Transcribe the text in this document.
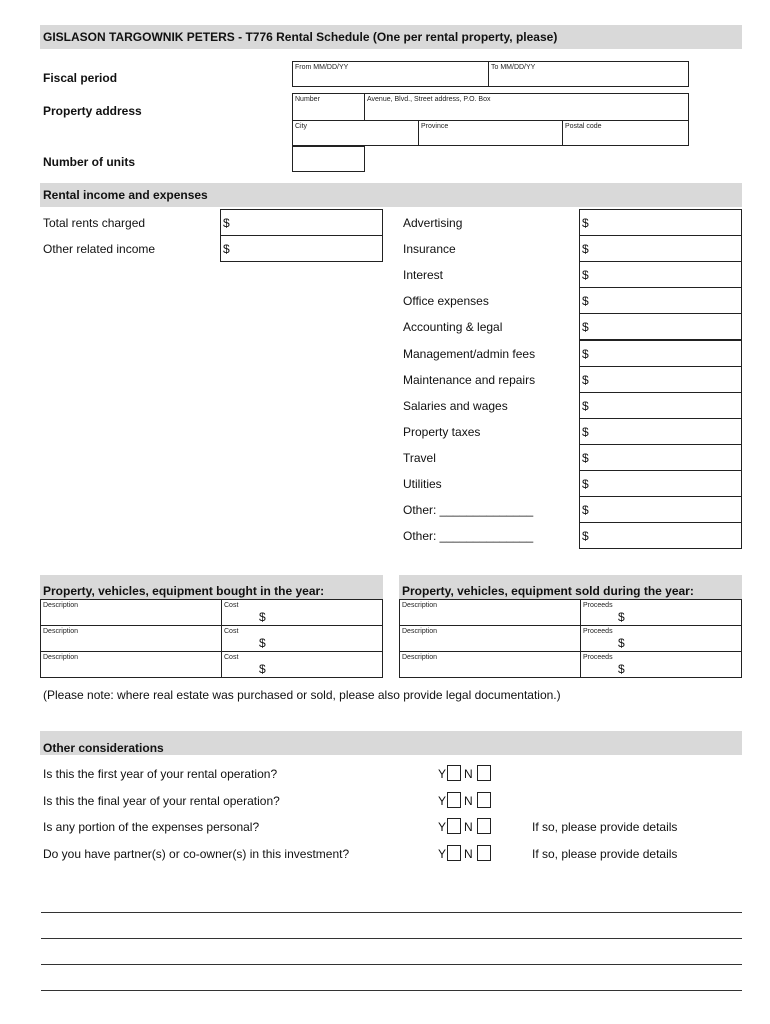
GISLASON TARGOWNIK PETERS - T776 Rental Schedule (One per rental property, please)
Fiscal period
From MM/DD/YY	To MM/DD/YY
Property address
Number	Avenue, Blvd., Street address, P.O. Box
City	Province	Postal code
Number of units
Rental income and expenses
Total rents charged	$
Other related income	$
Advertising	$
Insurance	$
Interest	$
Office expenses	$
Accounting & legal	$
Management/admin fees	$
Maintenance and repairs	$
Salaries and wages	$
Property taxes	$
Travel	$
Utilities	$
Other: ______________	$
Other: ______________	$
Property, vehicles, equipment bought in the year:	Property, vehicles, equipment sold during the year:
Description	Cost
$
Description	Cost
$
Description	Cost
$
Description	Proceeds
$
Description	Proceeds
$
Description	Proceeds
$
(Please note: where real estate was purchased or sold, please also provide legal documentation.)
Other considerations
Is this the first year of your rental operation?	Y N
Is this the final year of your rental operation?	Y N
Is any portion of the expenses personal?	Y N	If so, please provide details
Do you have partner(s) or co-owner(s) in this investment?	Y N	If so, please provide details
